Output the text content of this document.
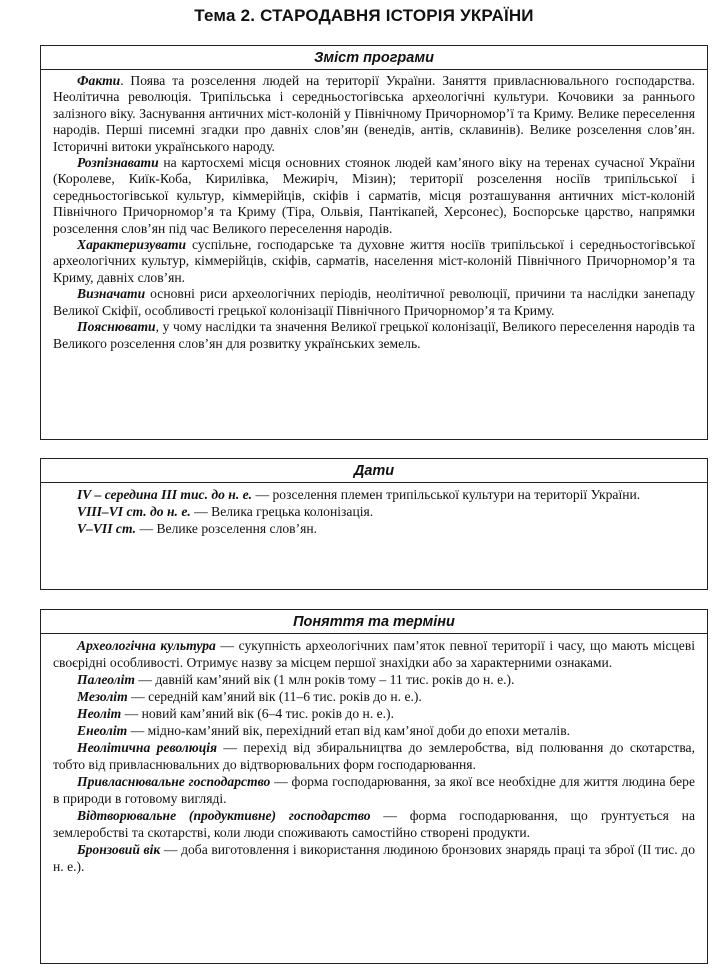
Тема 2. СТАРОДАВНЯ ІСТОРІЯ УКРАЇНИ
Зміст програми

Факти. Поява та розселення людей на території України. Заняття привласнювального господарства. Неолітична революція. Трипільська і середньостогівська археологічні культури. Кочовики за раннього залізного віку. Заснування античних міст-колоній у Північному Причорномор’ї та Криму. Велике переселення народів. Перші писемні згадки про давніх слов’ян (венедів, антів, склавинів). Велике розселення слов’ян. Історичні витоки українського народу.

Розпізнавати на картосхемі місця основних стоянок людей кам’яного віку на теренах сучасної України (Королеве, Киїк-Коба, Кирилівка, Межиріч, Мізин); території розселення носіїв трипільської і середньостогівської культур, кіммерійців, скіфів і сарматів, місця розташування античних міст-колоній Північного Причорномор’я та Криму (Тіра, Ольвія, Пантікапей, Херсонес), Боспорське царство, напрямки розселення слов’ян під час Великого переселення народів.

Характеризувати суспільне, господарське та духовне життя носіїв трипільської і середньостогівської археологічних культур, кіммерійців, скіфів, сарматів, населення міст-колоній Північного Причорномор’я та Криму, давніх слов’ян.

Визначати основні риси археологічних періодів, неолітичної революції, причини та наслідки занепаду Великої Скіфії, особливості грецької колонізації Північного Причорномор’я та Криму.

Пояснювати, у чому наслідки та значення Великої грецької колонізації, Великого переселення народів та Великого розселення слов’ян для розвитку українських земель.

Дати

IV – середина III тис. до н. е. — розселення племен трипільської культури на території України.

VIII–VI ст. до н. е. — Велика грецька колонізація.

V–VII ст. — Велике розселення слов’ян.

Поняття та терміни

Археологічна культура — сукупність археологічних пам’яток певної території і часу, що мають місцеві своєрідні особливості. Отримує назву за місцем першої знахідки або за характерними ознаками.

Палеоліт — давній кам’яний вік (1 млн років тому – 11 тис. років до н. е.).

Мезоліт — середній кам’яний вік (11–6 тис. років до н. е.).

Неоліт — новий кам’яний вік (6–4 тис. років до н. е.).

Енеоліт — мідно-кам’яний вік, перехідний етап від кам’яної доби до епохи металів.

Неолітична революція — перехід від збиральництва до землеробства, від полювання до скотарства, тобто від привласнювальних до відтворювальних форм господарювання.

Привласнювальне господарство — форма господарювання, за якої все необхідне для життя людина бере в природи в готовому вигляді.

Відтворювальне (продуктивне) господарство — форма господарювання, що ґрунтується на землеробстві та скотарстві, коли люди споживають самостійно створені продукти.

Бронзовий вік — доба виготовлення і використання людиною бронзових знарядь праці та зброї (II тис. до н. е.).
